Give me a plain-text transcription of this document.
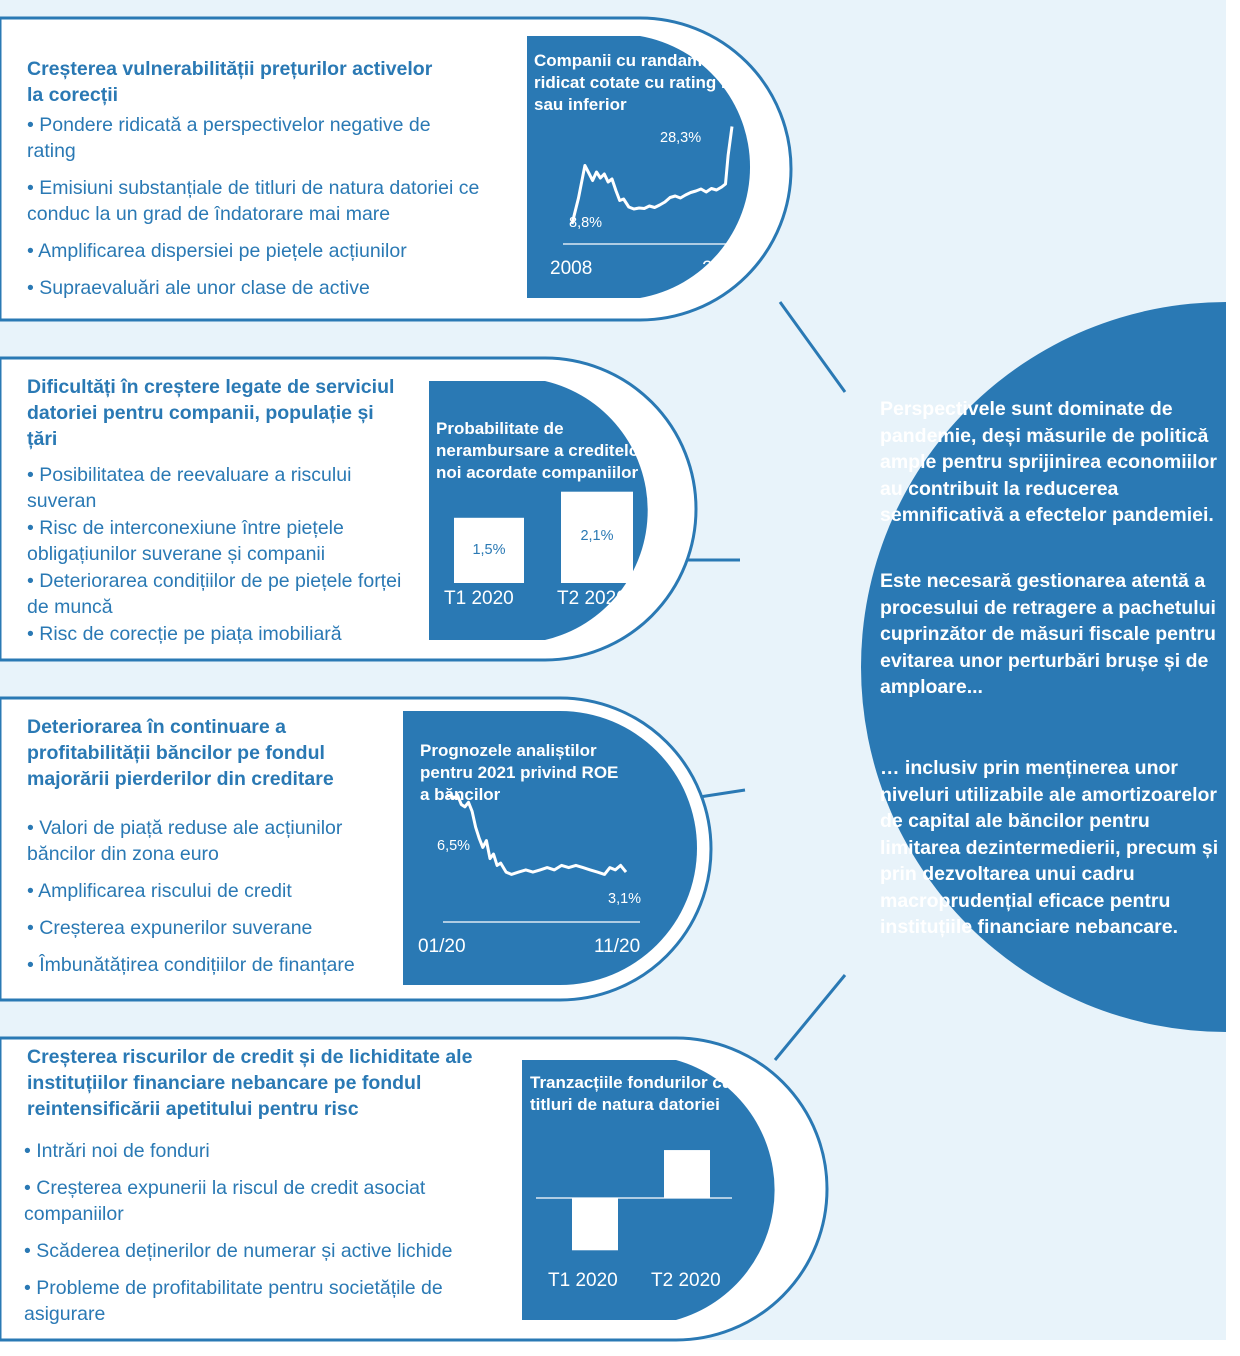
Creșterea vulnerabilității prețurilor activelor la corecții
• Pondere ridicată a perspectivelor negative de rating
• Emisiuni substanțiale de titluri de natura datoriei ce conduc la un grad de îndatorare mai mare
• Amplificarea dispersiei pe piețele acțiunilor
• Supraevaluări ale unor clase de active
Companii cu randament ridicat cotate cu rating B- sau inferior
28,3%
8,8%
2008	2020
Dificultăți în creștere legate de serviciul datoriei pentru companii, populație și țări
• Posibilitatea de reevaluare a riscului suveran
• Risc de interconexiune între piețele obligațiunilor suverane și companii
• Deteriorarea condițiilor de pe piețele forței de muncă
• Risc de corecție pe piața imobiliară
Probabilitate de nerambursare a creditelor noi acordate companiilor
1,5%
2,1%
T1 2020 T2 2020
Deteriorarea în continuare a profitabilității băncilor pe fondul majorării pierderilor din creditare
• Valori de piață reduse ale acțiunilor băncilor din zona euro
• Amplificarea riscului de credit
• Creșterea expunerilor suverane
• Îmbunătățirea condițiilor de finanțare
Prognozele analiștilor pentru 2021 privind ROE a băncilor
6,5%
3,1%
01/20	11/20
Creșterea riscurilor de credit și de lichiditate ale instituțiilor financiare nebancare pe fondul reintensificării apetitului pentru risc
• Intrări noi de fonduri
• Creșterea expunerii la riscul de credit asociat companiilor
• Scăderea deținerilor de numerar și active lichide
• Probleme de profitabilitate pentru societățile de asigurare
Tranzacțiile fondurilor cu titluri de natura datoriei
T1 2020 T2 2020
Perspectivele sunt dominate de pandemie, deși măsurile de politică ample pentru sprijinirea economiilor au contribuit la reducerea semnificativă a efectelor pandemiei.
Este necesară gestionarea atentă a procesului de retragere a pachetului cuprinzător de măsuri fiscale pentru evitarea unor perturbări brușe și de amploare...
… inclusiv prin menținerea unor niveluri utilizabile ale amortizoarelor de capital ale băncilor pentru limitarea dezintermedierii, precum și prin dezvoltarea unui cadru macroprudențial eficace pentru instituțiile financiare nebancare.
